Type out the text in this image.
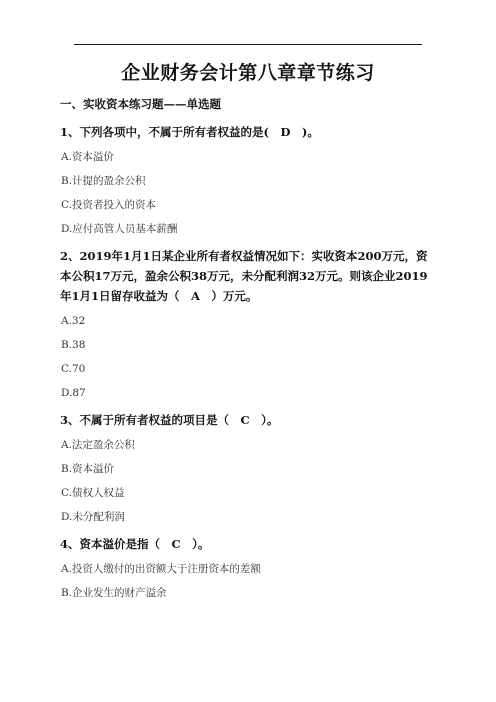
企业财务会计第八章章节练习
一、实收资本练习题——单选题
1、下列各项中，不属于所有者权益的是(　D　)。
A.资本溢价
B.计提的盈余公积
C.投资者投入的资本
D.应付高管人员基本薪酬
2、2019年1月1日某企业所有者权益情况如下：实收资本200万元，资本公积17万元，盈余公积38万元，未分配利润32万元。则该企业2019年1月1日留存收益为（　A　）万元。
A.32
B.38
C.70
D.87
3、不属于所有者权益的项目是（　C　）。
A.法定盈余公积
B.资本溢价
C.债权人权益
D.未分配利润
4、资本溢价是指（　C　）。
A.投资人缴付的出资额大于注册资本的差额
B.企业发生的财产溢余
